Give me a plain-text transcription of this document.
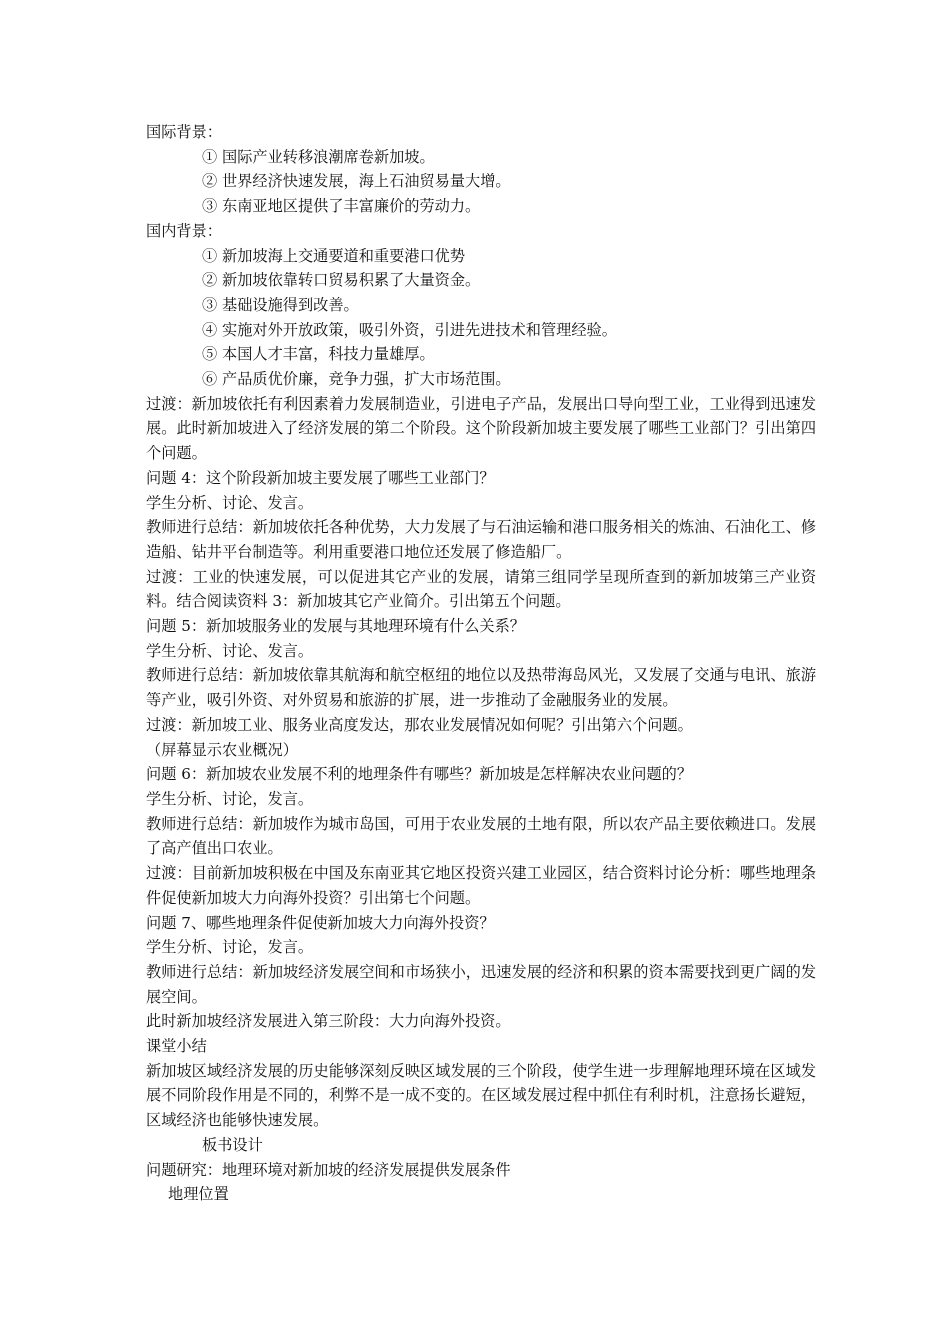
国际背景：

① 国际产业转移浪潮席卷新加坡。

② 世界经济快速发展，海上石油贸易量大增。

③ 东南亚地区提供了丰富廉价的劳动力。

国内背景：

① 新加坡海上交通要道和重要港口优势

② 新加坡依靠转口贸易积累了大量资金。

③ 基础设施得到改善。

④ 实施对外开放政策，吸引外资，引进先进技术和管理经验。

⑤ 本国人才丰富，科技力量雄厚。

⑥ 产品质优价廉，竞争力强，扩大市场范围。

过渡：新加坡依托有利因素着力发展制造业，引进电子产品，发展出口导向型工业，工业得到迅速发展。此时新加坡进入了经济发展的第二个阶段。这个阶段新加坡主要发展了哪些工业部门？引出第四个问题。

问题 4：这个阶段新加坡主要发展了哪些工业部门？

学生分析、讨论、发言。

教师进行总结：新加坡依托各种优势，大力发展了与石油运输和港口服务相关的炼油、石油化工、修造船、钻井平台制造等。利用重要港口地位还发展了修造船厂。

过渡：工业的快速发展，可以促进其它产业的发展，请第三组同学呈现所查到的新加坡第三产业资料。结合阅读资料 3：新加坡其它产业简介。引出第五个问题。

问题 5：新加坡服务业的发展与其地理环境有什么关系？

学生分析、讨论、发言。

教师进行总结：新加坡依靠其航海和航空枢纽的地位以及热带海岛风光，又发展了交通与电讯、旅游等产业，吸引外资、对外贸易和旅游的扩展，进一步推动了金融服务业的发展。

过渡：新加坡工业、服务业高度发达，那农业发展情况如何呢？引出第六个问题。

（屏幕显示农业概况）

问题 6：新加坡农业发展不利的地理条件有哪些？新加坡是怎样解决农业问题的？

学生分析、讨论，发言。

教师进行总结：新加坡作为城市岛国，可用于农业发展的土地有限，所以农产品主要依赖进口。发展了高产值出口农业。

过渡：目前新加坡积极在中国及东南亚其它地区投资兴建工业园区，结合资料讨论分析：哪些地理条件促使新加坡大力向海外投资？引出第七个问题。

问题 7、哪些地理条件促使新加坡大力向海外投资？

学生分析、讨论，发言。

教师进行总结：新加坡经济发展空间和市场狭小，迅速发展的经济和积累的资本需要找到更广阔的发展空间。

此时新加坡经济发展进入第三阶段：大力向海外投资。

课堂小结

新加坡区域经济发展的历史能够深刻反映区域发展的三个阶段，使学生进一步理解地理环境在区域发展不同阶段作用是不同的，利弊不是一成不变的。在区域发展过程中抓住有利时机，注意扬长避短，区域经济也能够快速发展。

板书设计

问题研究：地理环境对新加坡的经济发展提供发展条件

地理位置
